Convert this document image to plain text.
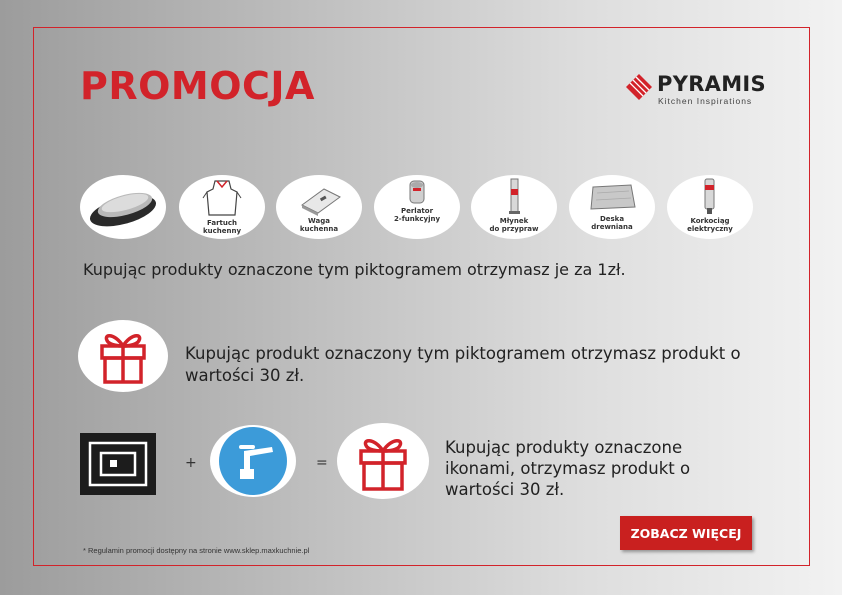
PROMOCJA	PYRAMIS
Kitchen Inspirations
Fartuch
kuchenny
Waga
kuchenna
Perlator
2-funkcyjny	Młynek
do przypraw
Deska
drewniana
Korkociąg
elektryczny
Kupując produkty oznaczone tym piktogramem otrzymasz je za 1zł.
Kupując produkt oznaczony tym piktogramem otrzymasz produkt o wartości 30 zł.
+	=
Kupując produkty oznaczone ikonami, otrzymasz produkt o wartości 30 zł.
ZOBACZ WIĘCEJ
* Regulamin promocji dostępny na stronie www.sklep.maxkuchnie.pl
